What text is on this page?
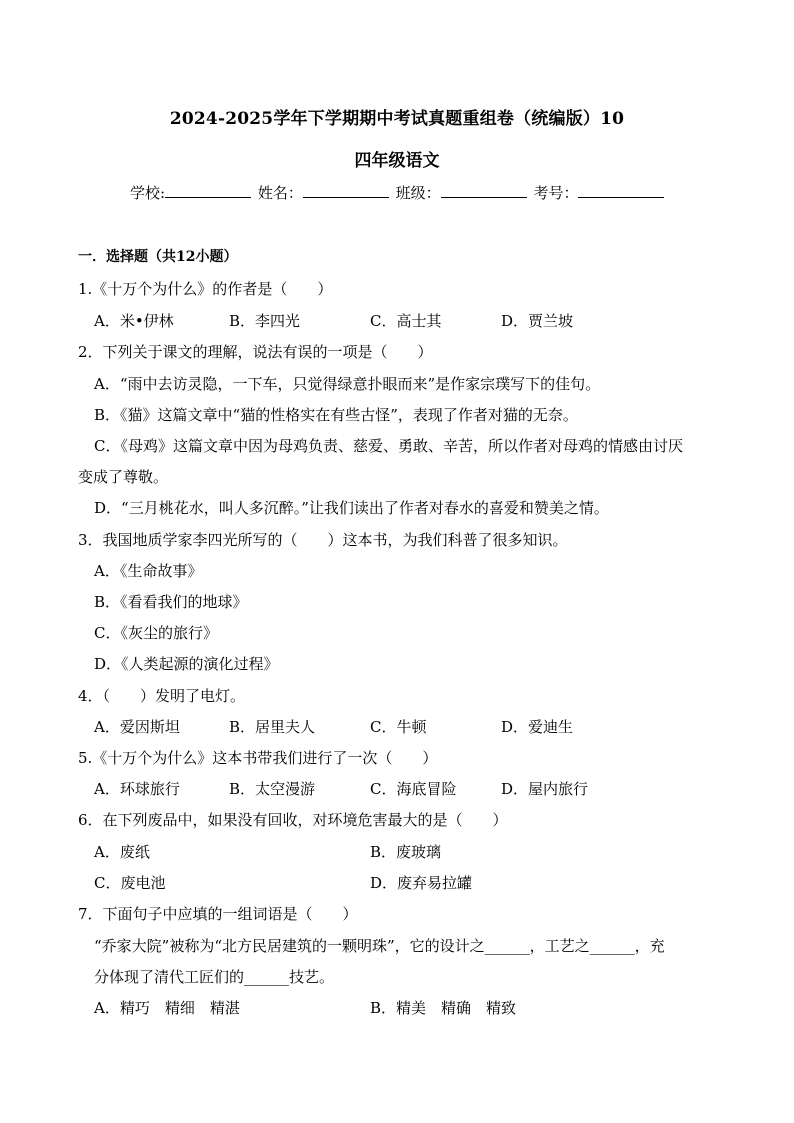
2024-2025学年下学期期中考试真题重组卷（统编版）10
四年级语文
学校:	姓名：	班级：	考号：
一．选择题（共12小题）
1.《十万个为什么》的作者是（　　）
A．米•伊林	B．李四光	C．高士其	D．贾兰坡
2．下列关于课文的理解，说法有误的一项是（　　）
A．“雨中去访灵隐，一下车，只觉得绿意扑眼而来”是作家宗璞写下的佳句。
B．《猫》这篇文章中“猫的性格实在有些古怪”，表现了作者对猫的无奈。
C．《母鸡》这篇文章中因为母鸡负责、慈爱、勇敢、辛苦，所以作者对母鸡的情感由讨厌
变成了尊敬。
D．“三月桃花水，叫人多沉醉。”让我们读出了作者对春水的喜爱和赞美之情。
3．我国地质学家李四光所写的（　　）这本书，为我们科普了很多知识。
A．《生命故事》
B．《看看我们的地球》
C．《灰尘的旅行》
D．《人类起源的演化过程》
4．（　　）发明了电灯。
A．爱因斯坦	B．居里夫人	C．牛顿	D．爱迪生
5.《十万个为什么》这本书带我们进行了一次（　　）
A．环球旅行	B．太空漫游	C．海底冒险	D．屋内旅行
6．在下列废品中，如果没有回收，对环境危害最大的是（　　）
A．废纸	B．废玻璃
C．废电池	D．废弃易拉罐
7．下面句子中应填的一组词语是（　　）
“乔家大院”被称为“北方民居建筑的一颗明珠”，它的设计之______，工艺之______，充
分体现了清代工匠们的______技艺。
A．精巧　精细　精湛	B．精美　精确　精致
